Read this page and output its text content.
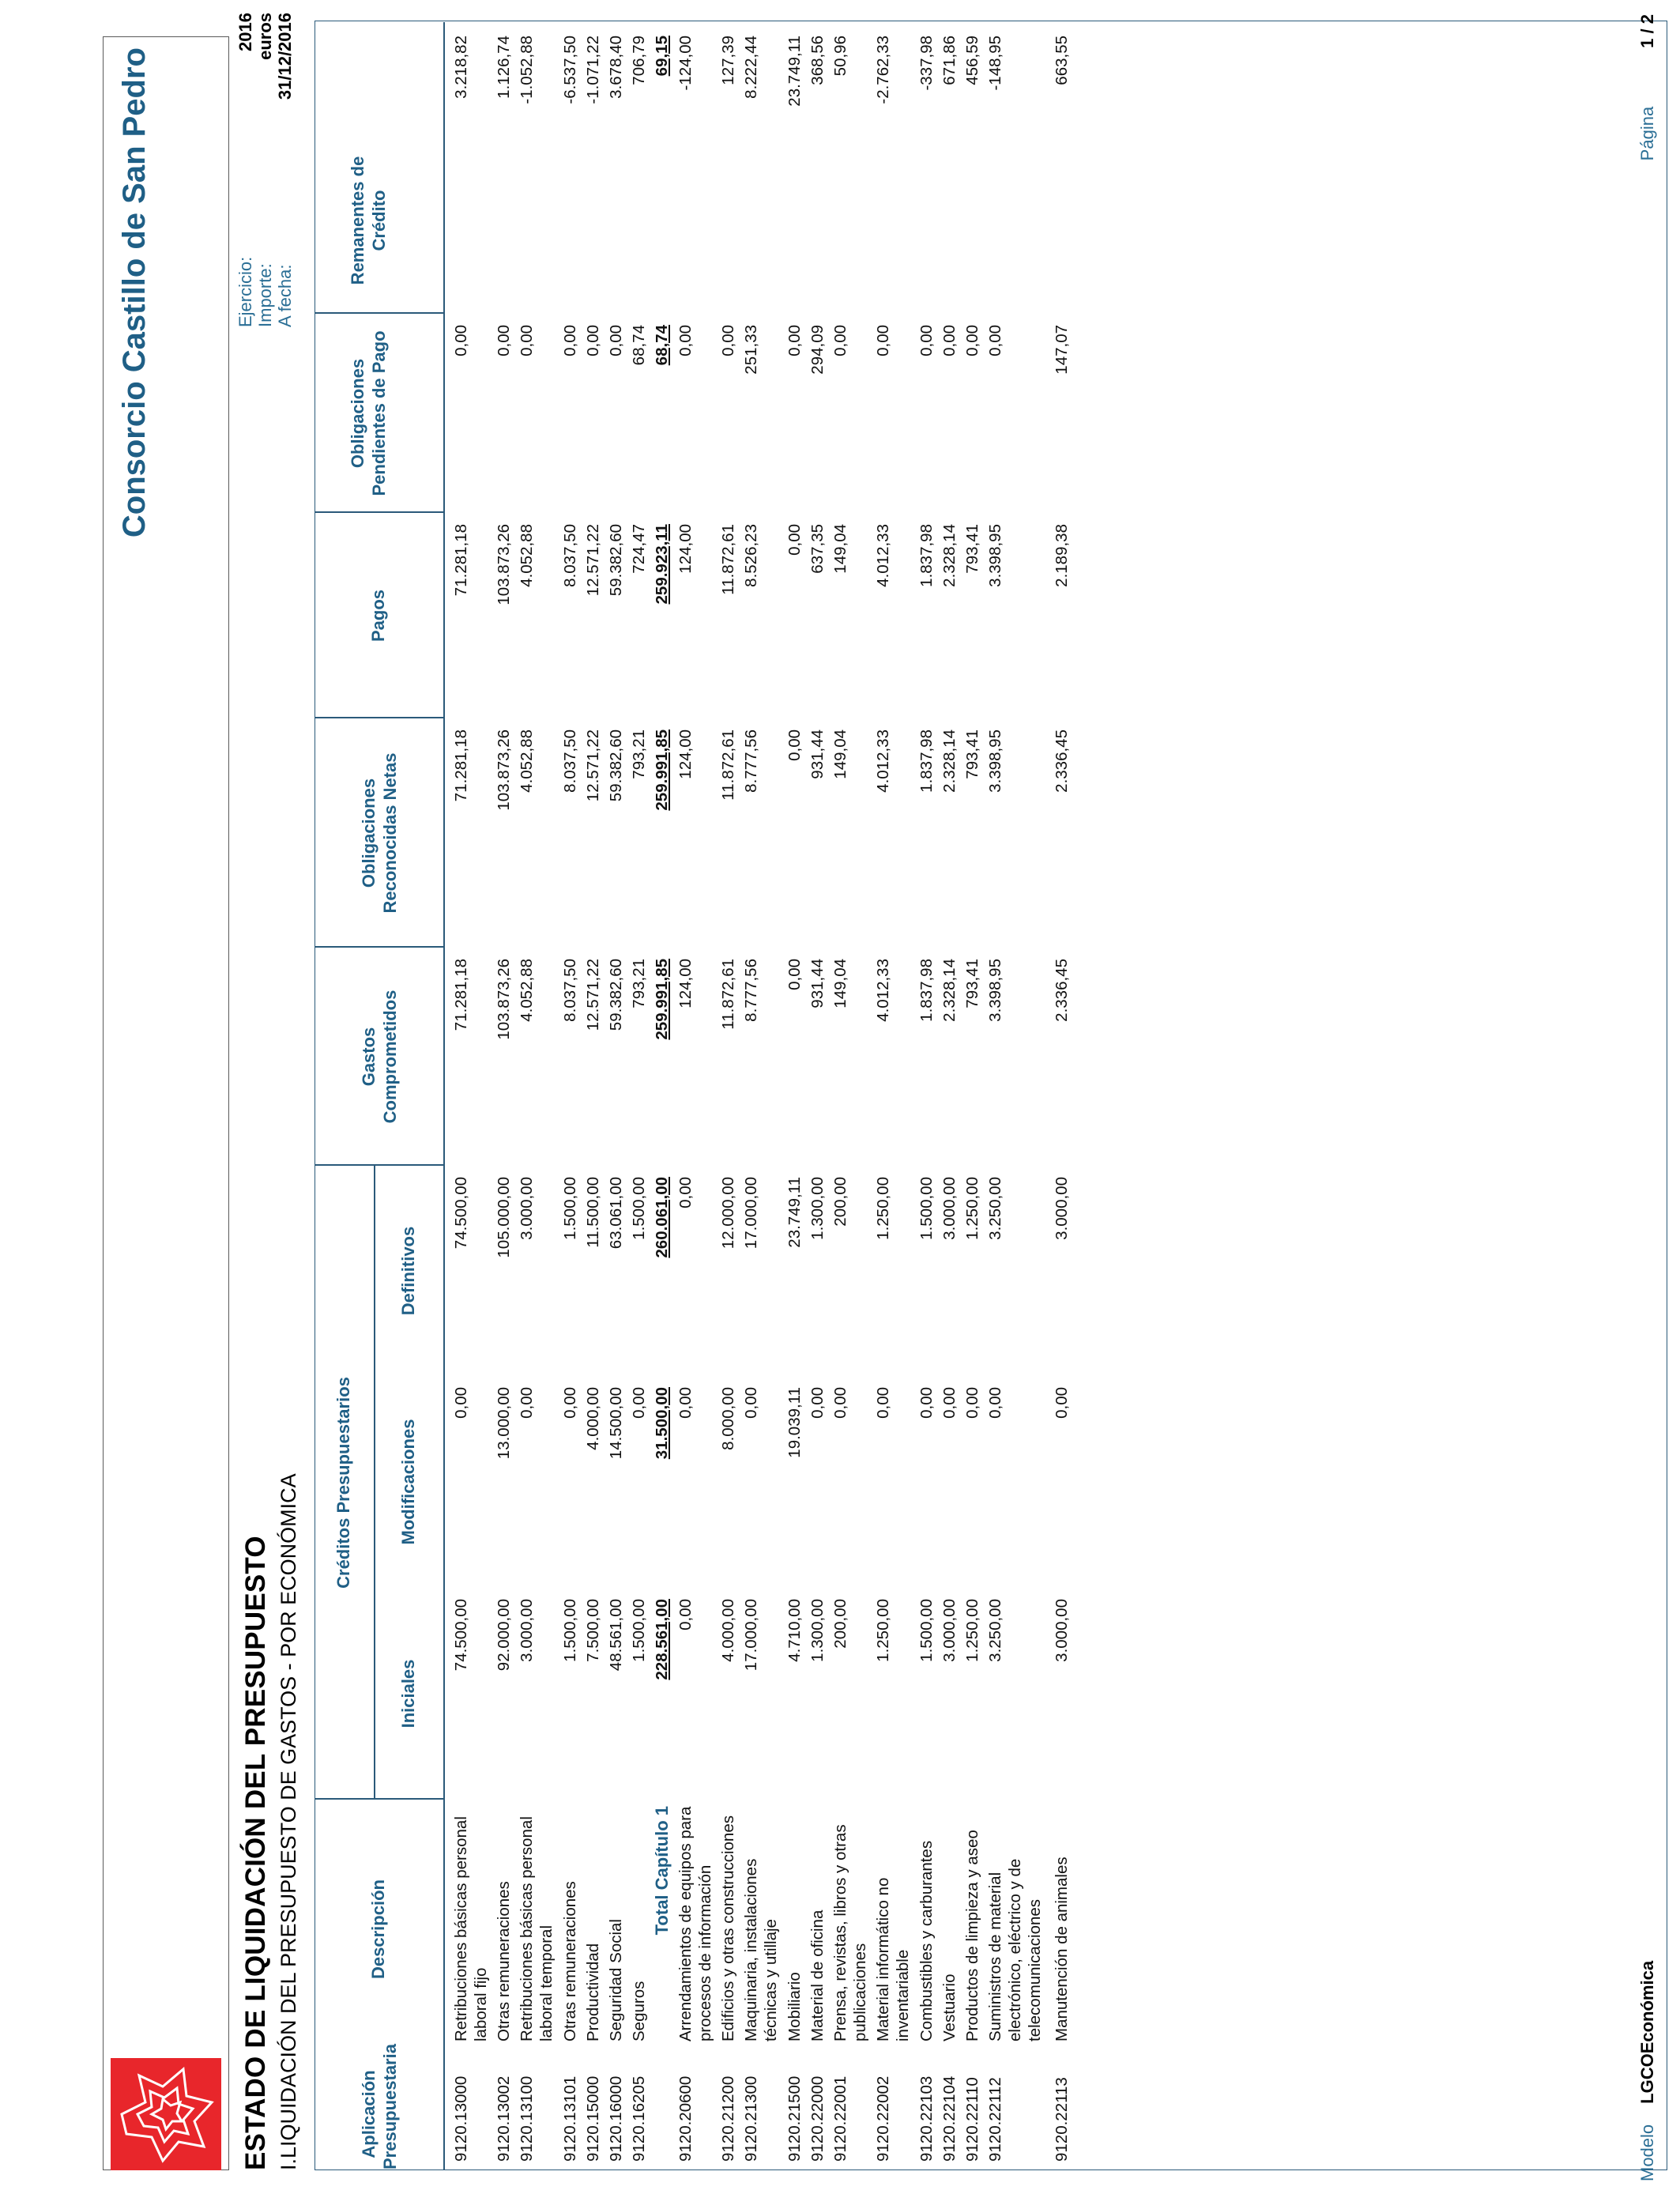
Consorcio Castillo de San Pedro	Ejercicio: Importe: A fecha:
2016 euros 31/12/2016
ESTADO DE LIQUIDACIÓN DEL PRESUPUESTO I.LIQUIDACIÓN DEL PRESUPUESTO DE GASTOS - POR ECONÓMICA	Aplicación Presupuestaria
Descripción
Créditos Presupuestarios
Iniciales
Modificaciones
Definitivos
Gastos Comprometidos
Obligaciones Reconocidas Netas
Pagos
Obligaciones Pendientes de Pago
Remanentes de Crédito
9120.13000
Retribuciones básicas personal laboral fijo
74.500,00
0,00
74.500,00
71.281,18
71.281,18
71.281,18
0,00
3.218,82
9120.13002
Otras remuneraciones
92.000,00
13.000,00
105.000,00
103.873,26
103.873,26
103.873,26
0,00
1.126,74
9120.13100
Retribuciones básicas personal laboral temporal
3.000,00
0,00
3.000,00
4.052,88
4.052,88
4.052,88
0,00
-1.052,88
9120.13101
Otras remuneraciones
1.500,00
0,00
1.500,00
8.037,50
8.037,50
8.037,50
0,00
-6.537,50
9120.15000
Productividad
7.500,00
4.000,00
11.500,00
12.571,22
12.571,22
12.571,22
0,00
-1.071,22
9120.16000
Seguridad Social
48.561,00
14.500,00
63.061,00
59.382,60
59.382,60
59.382,60
0,00
3.678,40
9120.16205
Seguros
1.500,00
0,00
1.500,00
793,21
793,21
724,47
68,74
706,79
Total Capítulo 1
228.561,00
31.500,00
260.061,00
259.991,85
259.991,85
259.923,11
68,74
69,15
9120.20600
Arrendamientos de equipos para procesos de información
0,00
0,00
0,00
124,00
124,00
124,00
0,00
-124,00
9120.21200
Edificios y otras construcciones
4.000,00
8.000,00
12.000,00
11.872,61
11.872,61
11.872,61
0,00
127,39
9120.21300
Maquinaria, instalaciones técnicas y utillaje
17.000,00
0,00
17.000,00
8.777,56
8.777,56
8.526,23
251,33
8.222,44
9120.21500
Mobiliario
4.710,00
19.039,11
23.749,11
0,00
0,00
0,00
0,00
23.749,11
9120.22000
Material de oficina
1.300,00
0,00
1.300,00
931,44
931,44
637,35
294,09
368,56
9120.22001
Prensa, revistas, libros y otras publicaciones
200,00
0,00
200,00
149,04
149,04
149,04
0,00
50,96
9120.22002
Material informático no inventariable
1.250,00
0,00
1.250,00
4.012,33
4.012,33
4.012,33
0,00
-2.762,33
9120.22103
Combustibles y carburantes
1.500,00
0,00
1.500,00
1.837,98
1.837,98
1.837,98
0,00
-337,98
9120.22104
Vestuario
3.000,00
0,00
3.000,00
2.328,14
2.328,14
2.328,14
0,00
671,86
9120.22110
Productos de limpieza y aseo
1.250,00
0,00
1.250,00
793,41
793,41
793,41
0,00
456,59
9120.22112
Suministros de material electrónico, eléctrico y de telecomunicaciones
3.250,00
0,00
3.250,00
3.398,95
3.398,95
3.398,95
0,00
-148,95
9120.22113
Manutención de animales
3.000,00
0,00
3.000,00
2.336,45
2.336,45
2.189,38
147,07
663,55
ModeloLGCOEconómica
Página1 / 2
